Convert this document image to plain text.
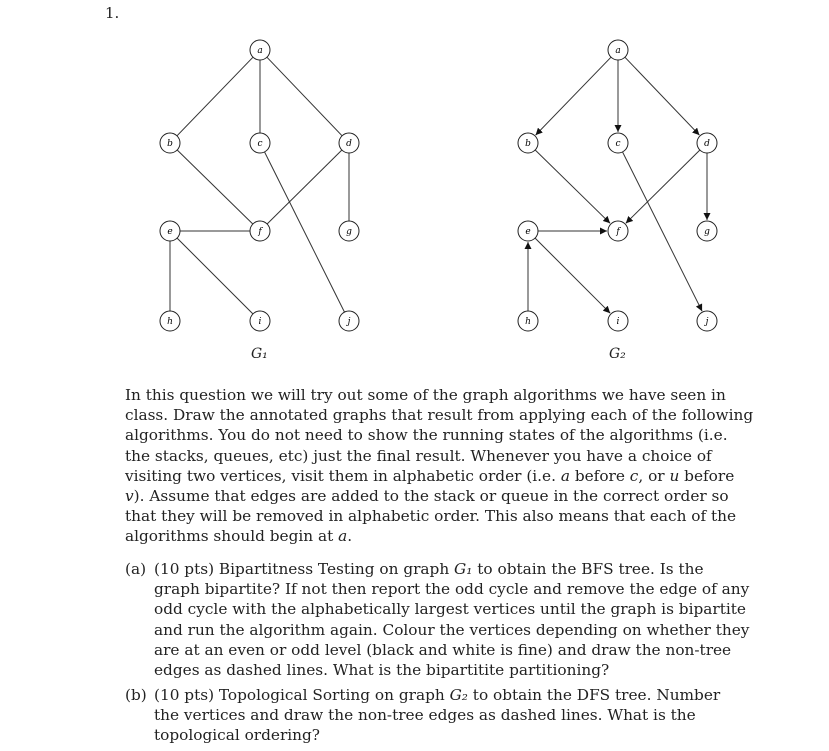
1.
a
b	c	d
e	f	g
h	i	j
G₁
a
b	c	d
e	f	g
h	i	j
G₂

In this question we will try out some of the graph algorithms we have seen in class. Draw the annotated graphs that result from applying each of the following algorithms. You do not need to show the running states of the algorithms (i.e. the stacks, queues, etc) just the final result. Whenever you have a choice of visiting two vertices, visit them in alphabetic order (i.e. a before c, or u before v). Assume that edges are added to the stack or queue in the correct order so that they will be removed in alphabetic order. This also means that each of the algorithms should begin at a.

(a) (10 pts) Bipartitness Testing on graph G₁ to obtain the BFS tree. Is the graph bipartite? If not then report the odd cycle and remove the edge of any odd cycle with the alphabetically largest vertices until the graph is bipartite and run the algorithm again. Colour the vertices depending on whether they are at an even or odd level (black and white is fine) and draw the non-tree edges as dashed lines. What is the bipartitite partitioning?
(b) (10 pts) Topological Sorting on graph G₂ to obtain the DFS tree. Number the vertices and draw the non-tree edges as dashed lines. What is the topological ordering?
